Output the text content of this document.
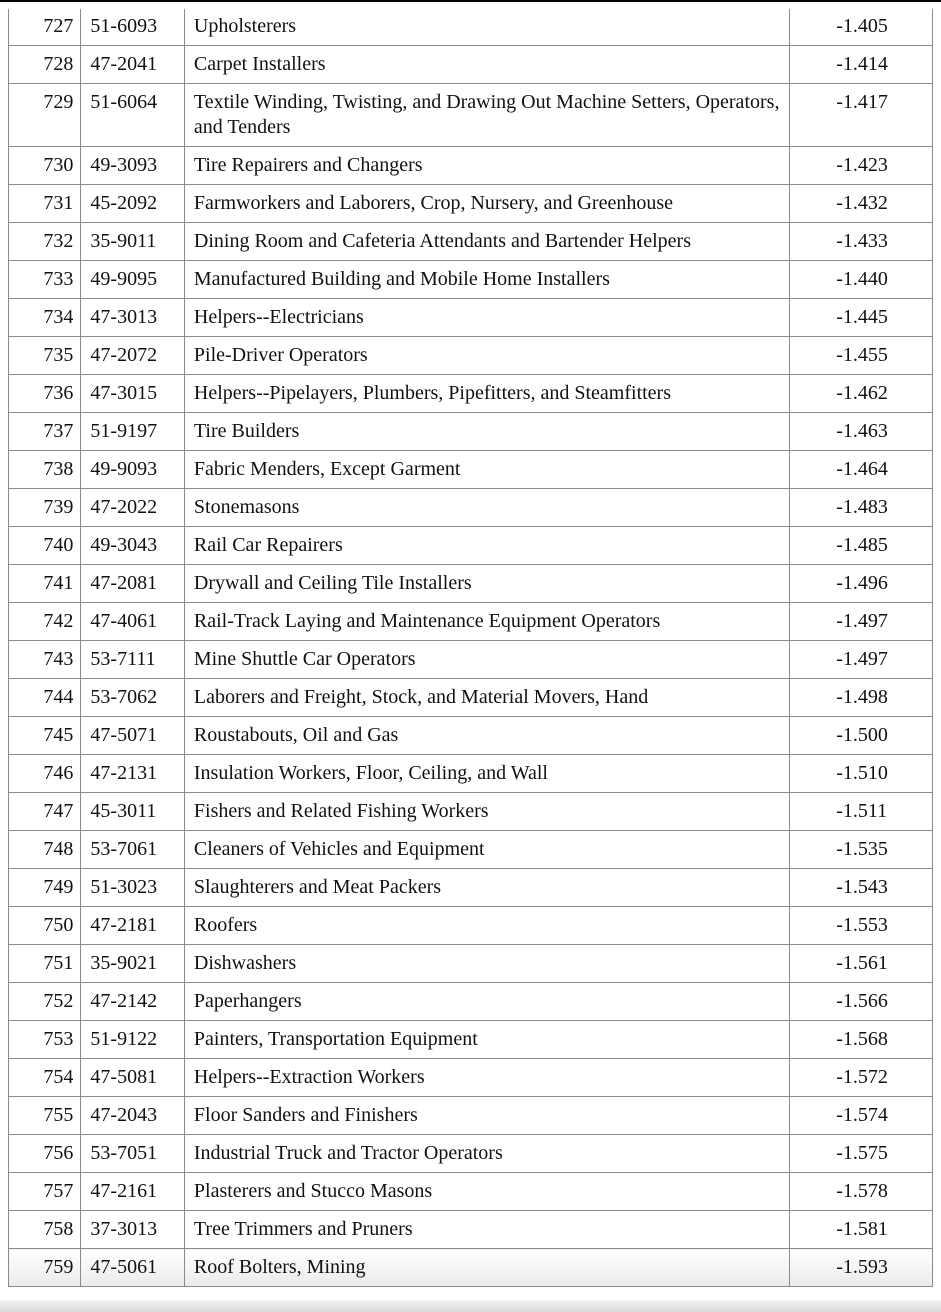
727	51-6093	Upholsterers	-1.405
728	47-2041	Carpet Installers	-1.414
729	51-6064	Textile Winding, Twisting, and Drawing Out Machine Setters, Operators, and Tenders	-1.417
730	49-3093	Tire Repairers and Changers	-1.423
731	45-2092	Farmworkers and Laborers, Crop, Nursery, and Greenhouse	-1.432
732	35-9011	Dining Room and Cafeteria Attendants and Bartender Helpers	-1.433
733	49-9095	Manufactured Building and Mobile Home Installers	-1.440
734	47-3013	Helpers--Electricians	-1.445
735	47-2072	Pile-Driver Operators	-1.455
736	47-3015	Helpers--Pipelayers, Plumbers, Pipefitters, and Steamfitters	-1.462
737	51-9197	Tire Builders	-1.463
738	49-9093	Fabric Menders, Except Garment	-1.464
739	47-2022	Stonemasons	-1.483
740	49-3043	Rail Car Repairers	-1.485
741	47-2081	Drywall and Ceiling Tile Installers	-1.496
742	47-4061	Rail-Track Laying and Maintenance Equipment Operators	-1.497
743	53-7111	Mine Shuttle Car Operators	-1.497
744	53-7062	Laborers and Freight, Stock, and Material Movers, Hand	-1.498
745	47-5071	Roustabouts, Oil and Gas	-1.500
746	47-2131	Insulation Workers, Floor, Ceiling, and Wall	-1.510
747	45-3011	Fishers and Related Fishing Workers	-1.511
748	53-7061	Cleaners of Vehicles and Equipment	-1.535
749	51-3023	Slaughterers and Meat Packers	-1.543
750	47-2181	Roofers	-1.553
751	35-9021	Dishwashers	-1.561
752	47-2142	Paperhangers	-1.566
753	51-9122	Painters, Transportation Equipment	-1.568
754	47-5081	Helpers--Extraction Workers	-1.572
755	47-2043	Floor Sanders and Finishers	-1.574
756	53-7051	Industrial Truck and Tractor Operators	-1.575
757	47-2161	Plasterers and Stucco Masons	-1.578
758	37-3013	Tree Trimmers and Pruners	-1.581
759	47-5061	Roof Bolters, Mining	-1.593
